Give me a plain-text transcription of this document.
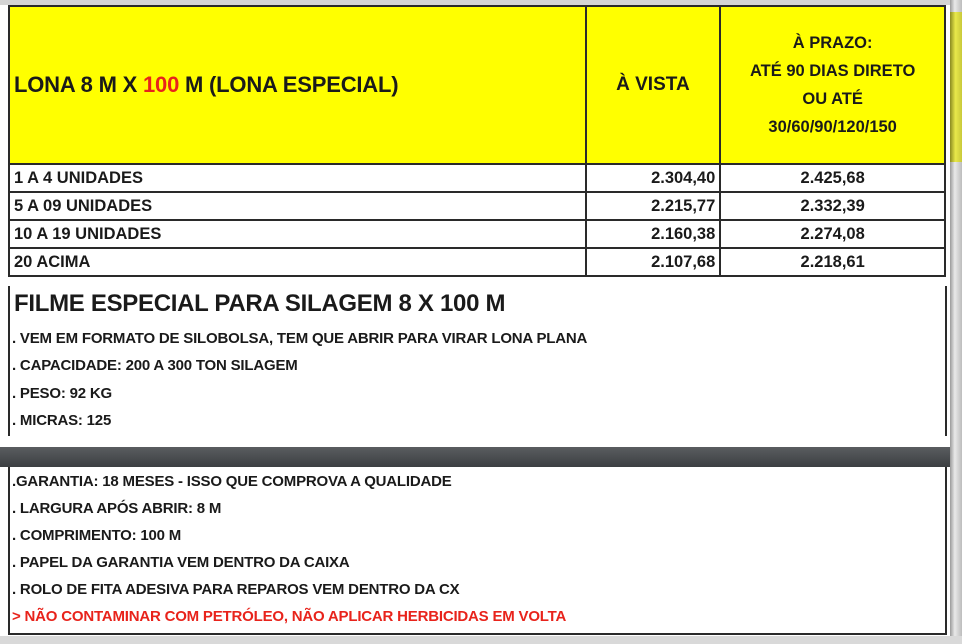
LONA 8 M X 100 M (LONA ESPECIAL)	À VISTA	À PRAZO:
ATÉ 90 DIAS DIRETO
OU ATÉ
30/60/90/120/150

1 A 4 UNIDADES	2.304,40	2.425,68
5 A 09 UNIDADES	2.215,77	2.332,39
10 A 19 UNIDADES	2.160,38	2.274,08
20 ACIMA	2.107,68	2.218,61
FILME ESPECIAL PARA SILAGEM 8 X 100 M
. VEM EM FORMATO DE SILOBOLSA, TEM QUE ABRIR PARA VIRAR LONA PLANA
. CAPACIDADE: 200 A 300 TON SILAGEM
. PESO: 92 KG
. MICRAS: 125
.GARANTIA: 18 MESES - ISSO QUE COMPROVA A QUALIDADE
. LARGURA APÓS ABRIR: 8 M
. COMPRIMENTO: 100 M
. PAPEL DA GARANTIA VEM DENTRO DA CAIXA
. ROLO DE FITA ADESIVA PARA REPAROS VEM DENTRO DA CX
> NÃO CONTAMINAR COM PETRÓLEO, NÃO APLICAR HERBICIDAS EM VOLTA
